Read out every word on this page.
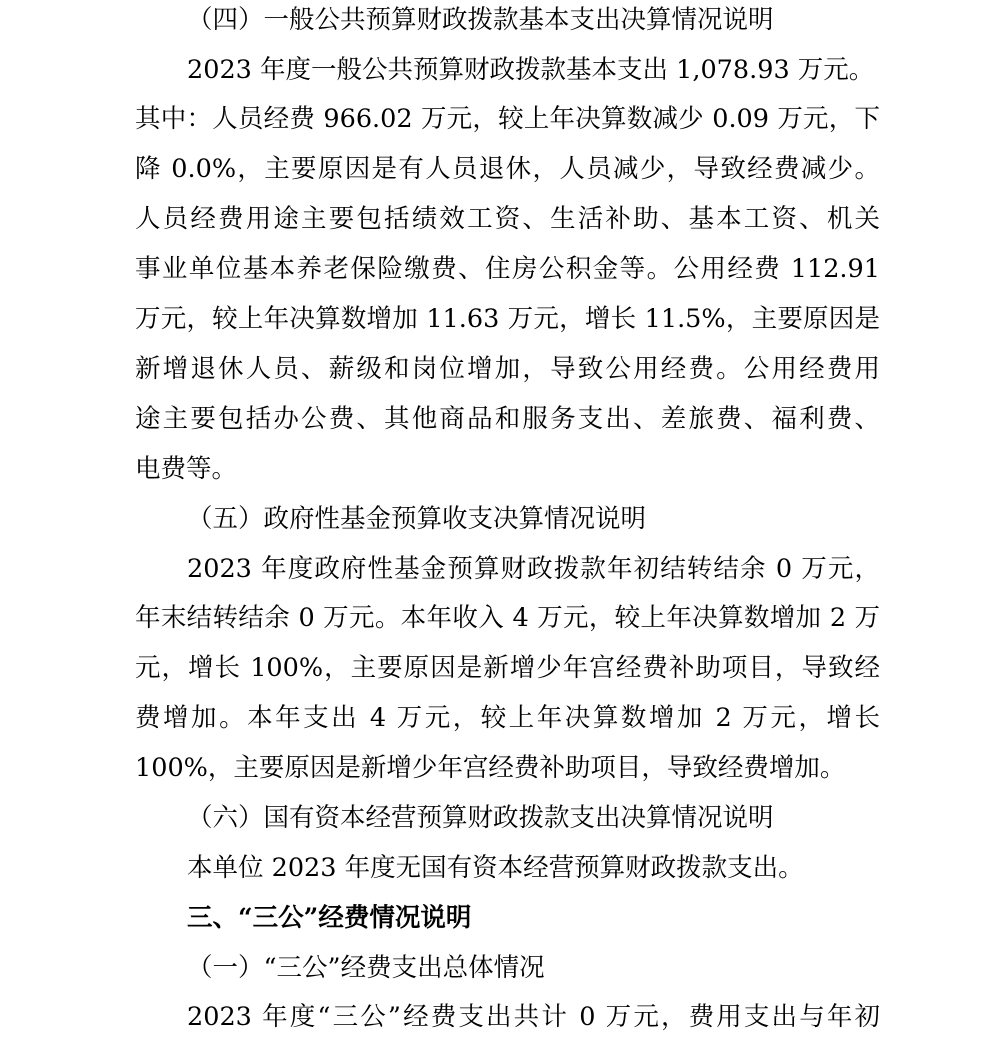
（四）一般公共预算财政拨款基本支出决算情况说明
2023 年度一般公共预算财政拨款基本支出 1,078.93 万元。
其中：人员经费 966.02 万元，较上年决算数减少 0.09 万元，下
降 0.0%，主要原因是有人员退休，人员减少，导致经费减少。
人员经费用途主要包括绩效工资、生活补助、基本工资、机关
事业单位基本养老保险缴费、住房公积金等。公用经费 112.91
万元，较上年决算数增加 11.63 万元，增长 11.5%，主要原因是
新增退休人员、薪级和岗位增加，导致公用经费。公用经费用
途主要包括办公费、其他商品和服务支出、差旅费、福利费、
电费等。
（五）政府性基金预算收支决算情况说明
2023 年度政府性基金预算财政拨款年初结转结余 0 万元，
年末结转结余 0 万元。本年收入 4 万元，较上年决算数增加 2 万
元，增长 100%，主要原因是新增少年宫经费补助项目，导致经
费增加。本年支出 4 万元，较上年决算数增加 2 万元，增长
100%，主要原因是新增少年宫经费补助项目，导致经费增加。
（六）国有资本经营预算财政拨款支出决算情况说明
本单位 2023 年度无国有资本经营预算财政拨款支出。
三、“三公”经费情况说明
（一）“三公”经费支出总体情况
2023 年度“三公”经费支出共计 0 万元，费用支出与年初
